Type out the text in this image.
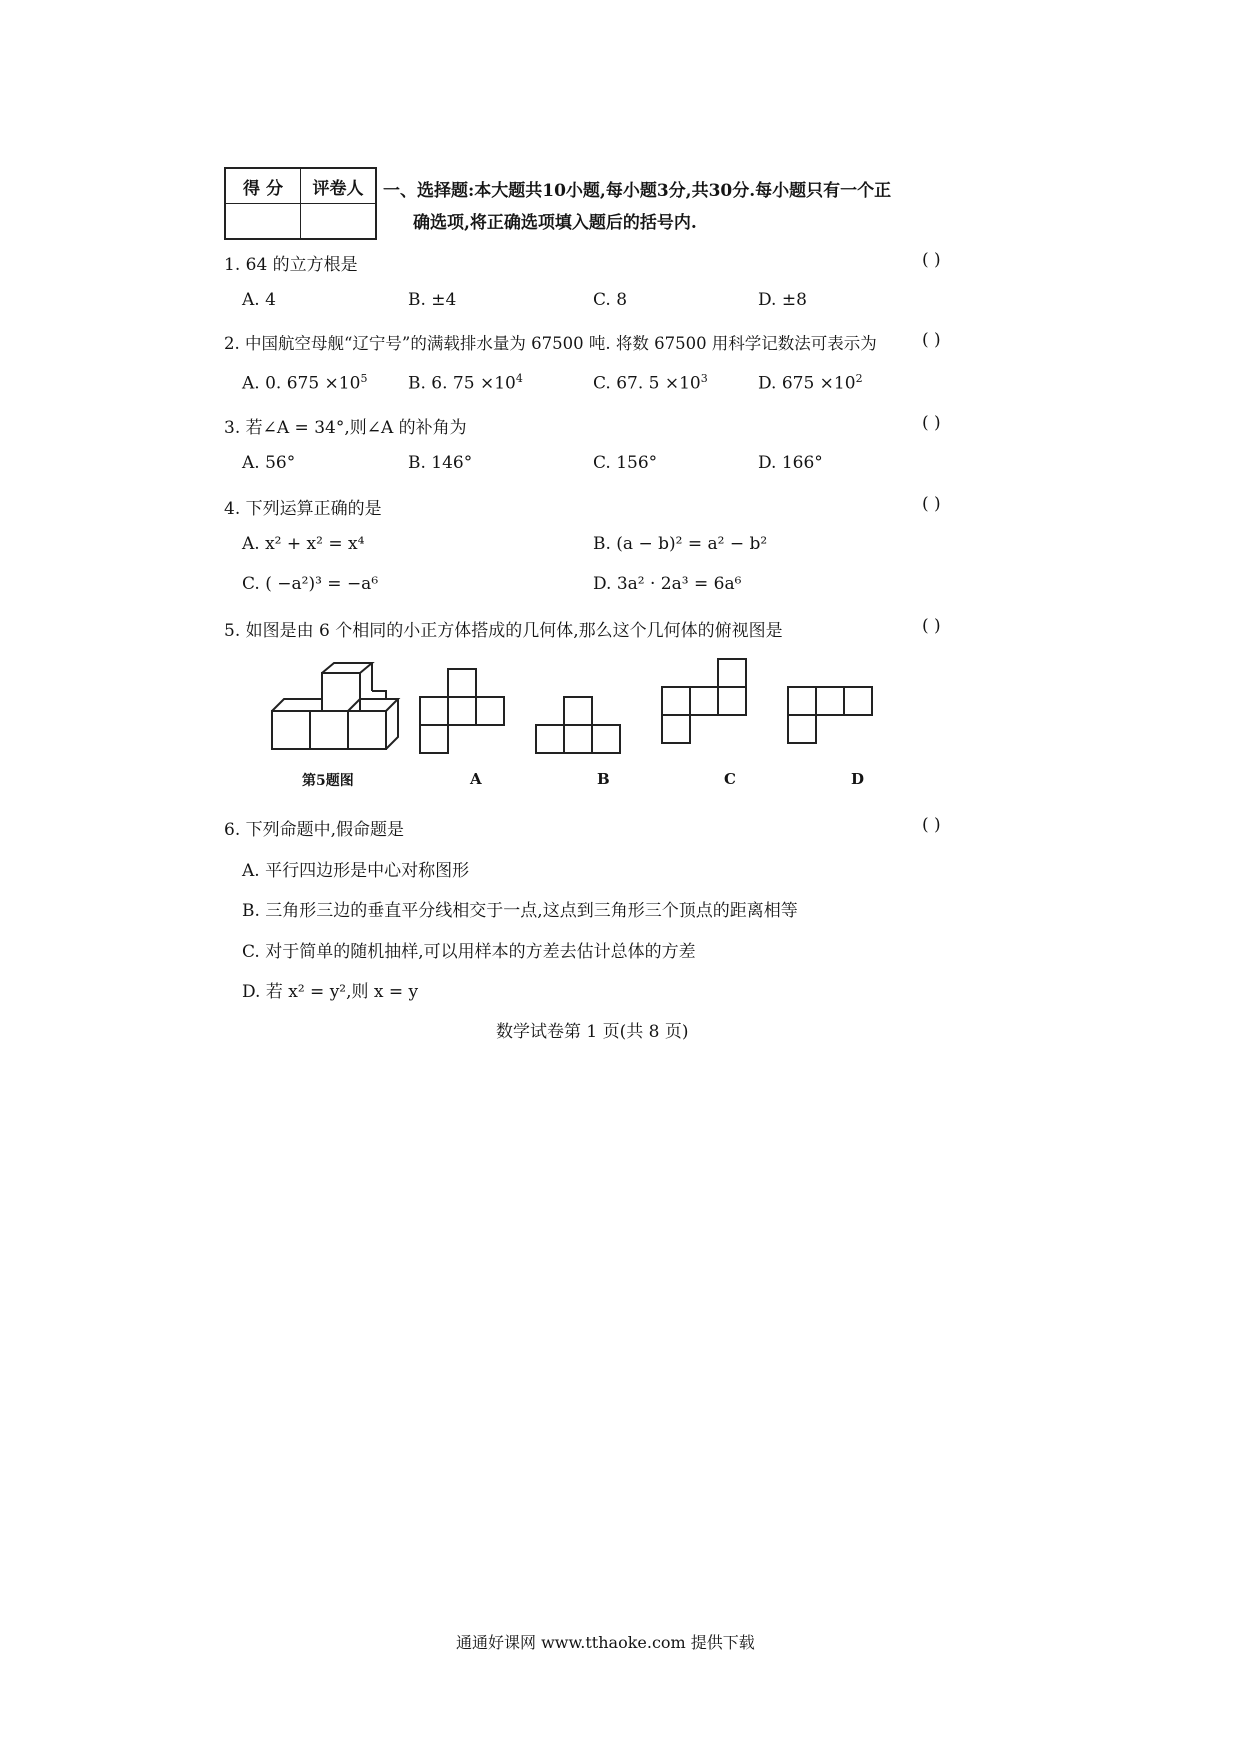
得 分	评卷人
	一、选择题:本大题共10小题,每小题3分,共30分.每小题只有一个正
确选项,将正确选项填入题后的括号内.
1. 64 的立方根是	( )
A. 4	B. ±4	C. 8	D. ±8
2. 中国航空母舰“辽宁号”的满载排水量为 67500 吨. 将数 67500 用科学记数法可表示为	( )
A. 0. $675 \times 10^5$ B. 6. $75 \times 10^4$	C. 67. $5 \times 10^3$	D. $675 \times 10^2$
3. 若∠A = 34°,则∠A 的补角为	( )
A. 56°	B. 146°	C. 156°	D. 166°
4. 下列运算正确的是	( )
A. x² + x² = x⁴	B. (a − b)² = a² − b²
C. ( −a²)³ = −a⁶	D. 3a² · 2a³ = 6a⁶
5. 如图是由 6 个相同的小正方体搭成的几何体,那么这个几何体的俯视图是	( )
第5题图	A	B	C	D
6. 下列命题中,假命题是	( )
A. 平行四边形是中心对称图形
B. 三角形三边的垂直平分线相交于一点,这点到三角形三个顶点的距离相等
C. 对于简单的随机抽样,可以用样本的方差去估计总体的方差
D. 若 x² = y²,则 x = y
数学试卷第 1 页(共 8 页)
通通好课网 www.tthaoke.com 提供下载
